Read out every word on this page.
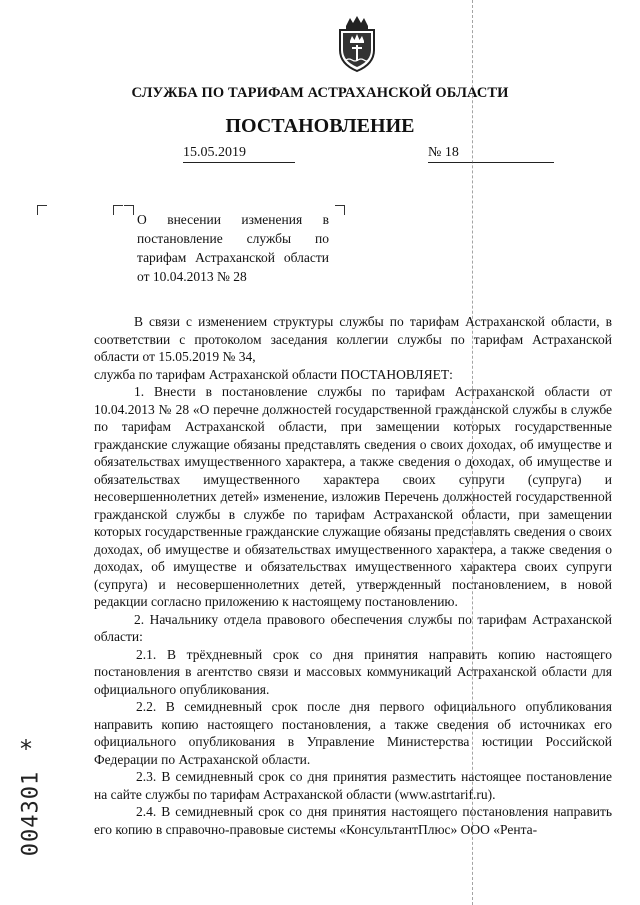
СЛУЖБА ПО ТАРИФАМ АСТРАХАНСКОЙ ОБЛАСТИ
ПОСТАНОВЛЕНИЕ
15.05.2019	№ 18
О внесении изменения в постановление службы по тарифам Астраханской области от 10.04.2013 № 28

В связи с изменением структуры службы по тарифам Астраханской области, в соответствии с протоколом заседания коллегии службы по тарифам Астраханской области от 15.05.2019 № 34,

служба по тарифам Астраханской области ПОСТАНОВЛЯЕТ:

1. Внести в постановление службы по тарифам Астраханской области от 10.04.2013 № 28 «О перечне должностей государственной гражданской службы в службе по тарифам Астраханской области, при замещении которых государственные гражданские служащие обязаны представлять сведения о своих доходах, об имуществе и обязательствах имущественного характера, а также сведения о доходах, об имуществе и обязательствах имущественного характера своих супруги (супруга) и несовершеннолетних детей» изменение, изложив Перечень должностей государственной гражданской службы в службе по тарифам Астраханской области, при замещении которых государственные гражданские служащие обязаны представлять сведения о своих доходах, об имуществе и обязательствах имущественного характера, а также сведения о доходах, об имуществе и обязательствах имущественного характера своих супруги (супруга) и несовершеннолетних детей, утвержденный постановлением, в новой редакции согласно приложению к настоящему постановлению.

2. Начальнику отдела правового обеспечения службы по тарифам Астраханской области:

2.1. В трёхдневный срок со дня принятия направить копию настоящего постановления в агентство связи и массовых коммуникаций Астраханской области для официального опубликования.

2.2. В семидневный срок после дня первого официального опубликования направить копию настоящего постановления, а также сведения об источниках его официального опубликования в Управление Министерства юстиции Российской Федерации по Астраханской области.

2.3. В семидневный срок со дня принятия разместить настоящее постановление на сайте службы по тарифам Астраханской области (www.astrtarif.ru).

2.4. В семидневный срок со дня принятия настоящего постановления направить его копию в справочно-правовые системы «КонсультантПлюс» ООО «Рента-

*
004301
